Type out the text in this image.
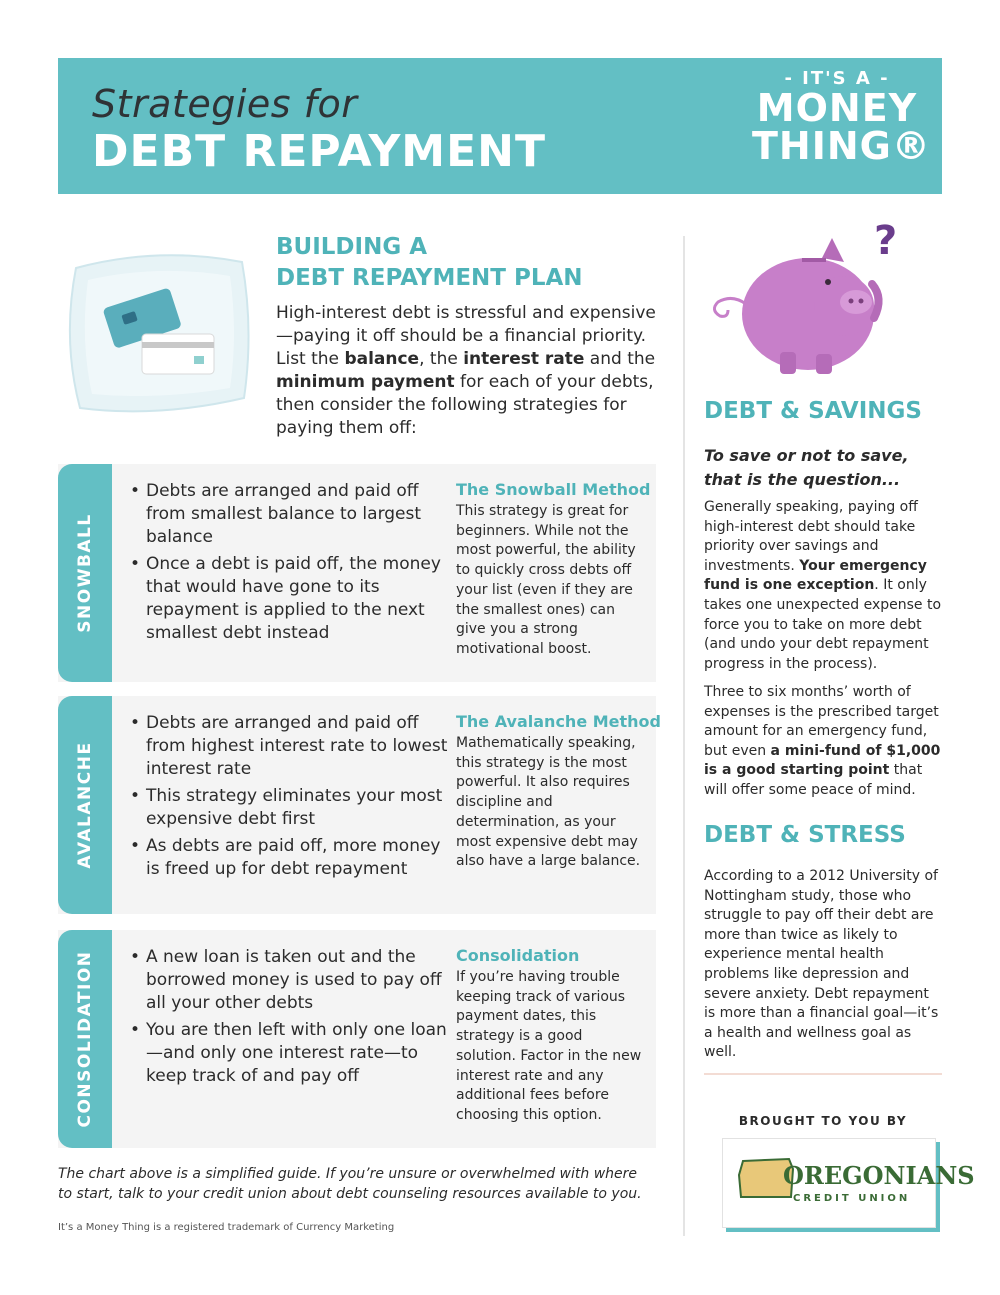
Strategies for
DEBT REPAYMENT
- IT'S A -
MONEY
THING®
BUILDING A
DEBT REPAYMENT PLAN
High-interest debt is stressful and expensive—paying it off should be a financial priority. List the balance, the interest rate and the minimum payment for each of your debts, then consider the following strategies for paying them off:
SNOWBALL
• Debts are arranged and paid off from smallest balance to largest balance
• Once a debt is paid off, the money that would have gone to its repayment is applied to the next smallest debt instead
The Snowball Method

This strategy is great for beginners. While not the most powerful, the ability to quickly cross debts off your list (even if they are the smallest ones) can give you a strong motivational boost.

AVALANCHE
• Debts are arranged and paid off from highest interest rate to lowest interest rate
• This strategy eliminates your most expensive debt first
• As debts are paid off, more money is freed up for debt repayment
The Avalanche Method

Mathematically speaking, this strategy is the most powerful. It also requires discipline and determination, as your most expensive debt may also have a large balance.

CONSOLIDATION
•	A new loan is taken out and the borrowed money is used to pay off all your other debts
• You are then left with only one loan—and only one interest rate—to keep track of and pay off
Consolidation

If you’re having trouble keeping track of various payment dates, this strategy is a good solution. Factor in the new interest rate and any additional fees before choosing this option.

The chart above is a simplified guide. If you’re unsure or overwhelmed with where to start, talk to your credit union about debt counseling resources available to you.
It’s a Money Thing is a registered trademark of Currency Marketing
?
DEBT & SAVINGS
To save or not to save, that is the question...
Generally speaking, paying off high-interest debt should take priority over savings and investments. Your emergency fund is one exception. It only takes one unexpected expense to force you to take on more debt (and undo your debt repayment progress in the process).
Three to six months’ worth of expenses is the prescribed target amount for an emergency fund, but even a mini-fund of $1,000 is a good starting point that will offer some peace of mind.
DEBT & STRESS
According to a 2012 University of Nottingham study, those who struggle to pay off their debt are more than twice as likely to experience mental health problems like depression and severe anxiety. Debt repayment is more than a financial goal—it’s a health and wellness goal as well.
BROUGHT TO YOU BY
OREGONIANS
CREDIT UNION
